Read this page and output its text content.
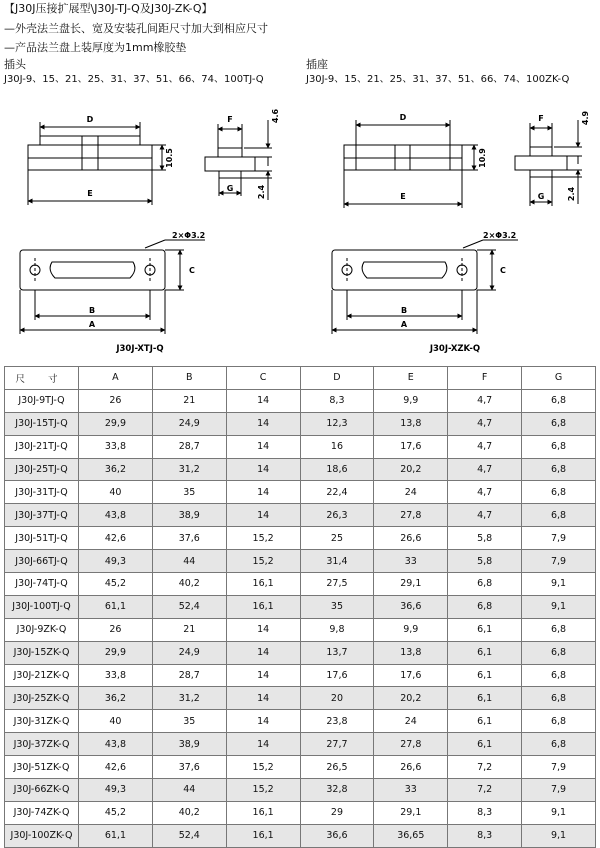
【J30J压接扩展型\J30J-TJ-Q及J30J-ZK-Q】
—外壳法兰盘长、宽及安装孔间距尺寸加大到相应尺寸
—产品法兰盘上装厚度为1mm橡胶垫
插头	插座
J30J-9、15、21、25、31、37、51、66、74、100TJ-Q	J30J-9、15、21、25、31、37、51、66、74、100ZK-Q
D
E
10.5
F
G
4.6
2.4
2×Φ3.2
C
B
A
J30J-XTJ-Q
D
E
10.9
F
G
4.9
2.4
2×Φ3.2
C
B
A
J30J-XZK-Q
尺 寸	A	B	C	D	E	F	G
J30J-9TJ-Q	26	21	14	8,3	9,9	4,7	6,8
J30J-15TJ-Q	29,9	24,9	14	12,3	13,8	4,7	6,8
J30J-21TJ-Q	33,8	28,7	14	16	17,6	4,7	6,8
J30J-25TJ-Q	36,2	31,2	14	18,6	20,2	4,7	6,8
J30J-31TJ-Q	40	35	14	22,4	24	4,7	6,8
J30J-37TJ-Q	43,8	38,9	14	26,3	27,8	4,7	6,8
J30J-51TJ-Q	42,6	37,6	15,2	25	26,6	5,8	7,9
J30J-66TJ-Q	49,3	44	15,2	31,4	33	5,8	7,9
J30J-74TJ-Q	45,2	40,2	16,1	27,5	29,1	6,8	9,1
J30J-100TJ-Q	61,1	52,4	16,1	35	36,6	6,8	9,1
J30J-9ZK-Q	26	21	14	9,8	9,9	6,1	6,8
J30J-15ZK-Q	29,9	24,9	14	13,7	13,8	6,1	6,8
J30J-21ZK-Q	33,8	28,7	14	17,6	17,6	6,1	6,8
J30J-25ZK-Q	36,2	31,2	14	20	20,2	6,1	6,8
J30J-31ZK-Q	40	35	14	23,8	24	6,1	6,8
J30J-37ZK-Q	43,8	38,9	14	27,7	27,8	6,1	6,8
J30J-51ZK-Q	42,6	37,6	15,2	26,5	26,6	7,2	7,9
J30J-66ZK-Q	49,3	44	15,2	32,8	33	7,2	7,9
J30J-74ZK-Q	45,2	40,2	16,1	29	29,1	8,3	9,1
J30J-100ZK-Q	61,1	52,4	16,1	36,6	36,65	8,3	9,1
